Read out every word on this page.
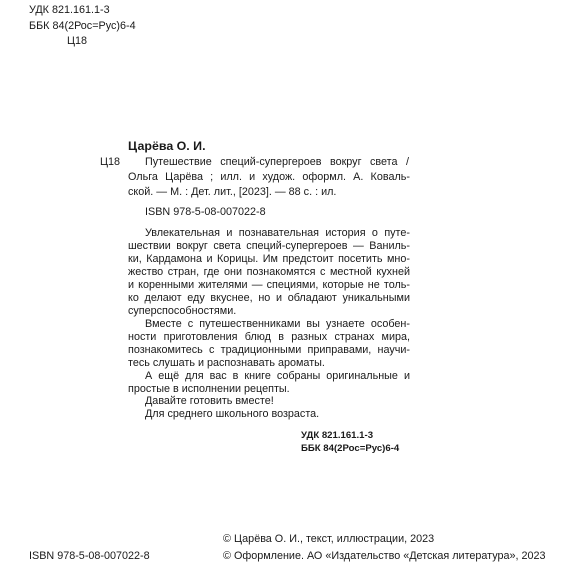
УДК 821.161.1-3
ББК 84(2Рос=Рус)6-4
Ц18
Царёва О. И.
Ц18 Путешествие специй-супергероев вокруг света /
Ольга Царёва ; илл. и худож. оформл. А. Коваль-
ской. — М. : Дет. лит., [2023]. — 88 с. : ил.
ISBN 978-5-08-007022-8
Увлекательная и познавательная история о путе-
шествии вокруг света специй-супергероев — Ваниль-
ки, Кардамона и Корицы. Им предстоит посетить мно-
жество стран, где они познакомятся с местной кухней
и коренными жителями — специями, которые не толь-
ко делают еду вкуснее, но и обладают уникальными
суперспособностями.
Вместе с путешественниками вы узнаете особен-
ности приготовления блюд в разных странах мира,
познакомитесь с традиционными приправами, научи-
тесь слушать и распознавать ароматы.
А ещё для вас в книге собраны оригинальные и
простые в исполнении рецепты.
Давайте готовить вместе!
Для среднего школьного возраста.
УДК 821.161.1-3
ББК 84(2Рос=Рус)6-4
© Царёва О. И., текст, иллюстрации, 2023
ISBN 978-5-08-007022-8	© Оформление. АО «Издательство «Детская литература», 2023
